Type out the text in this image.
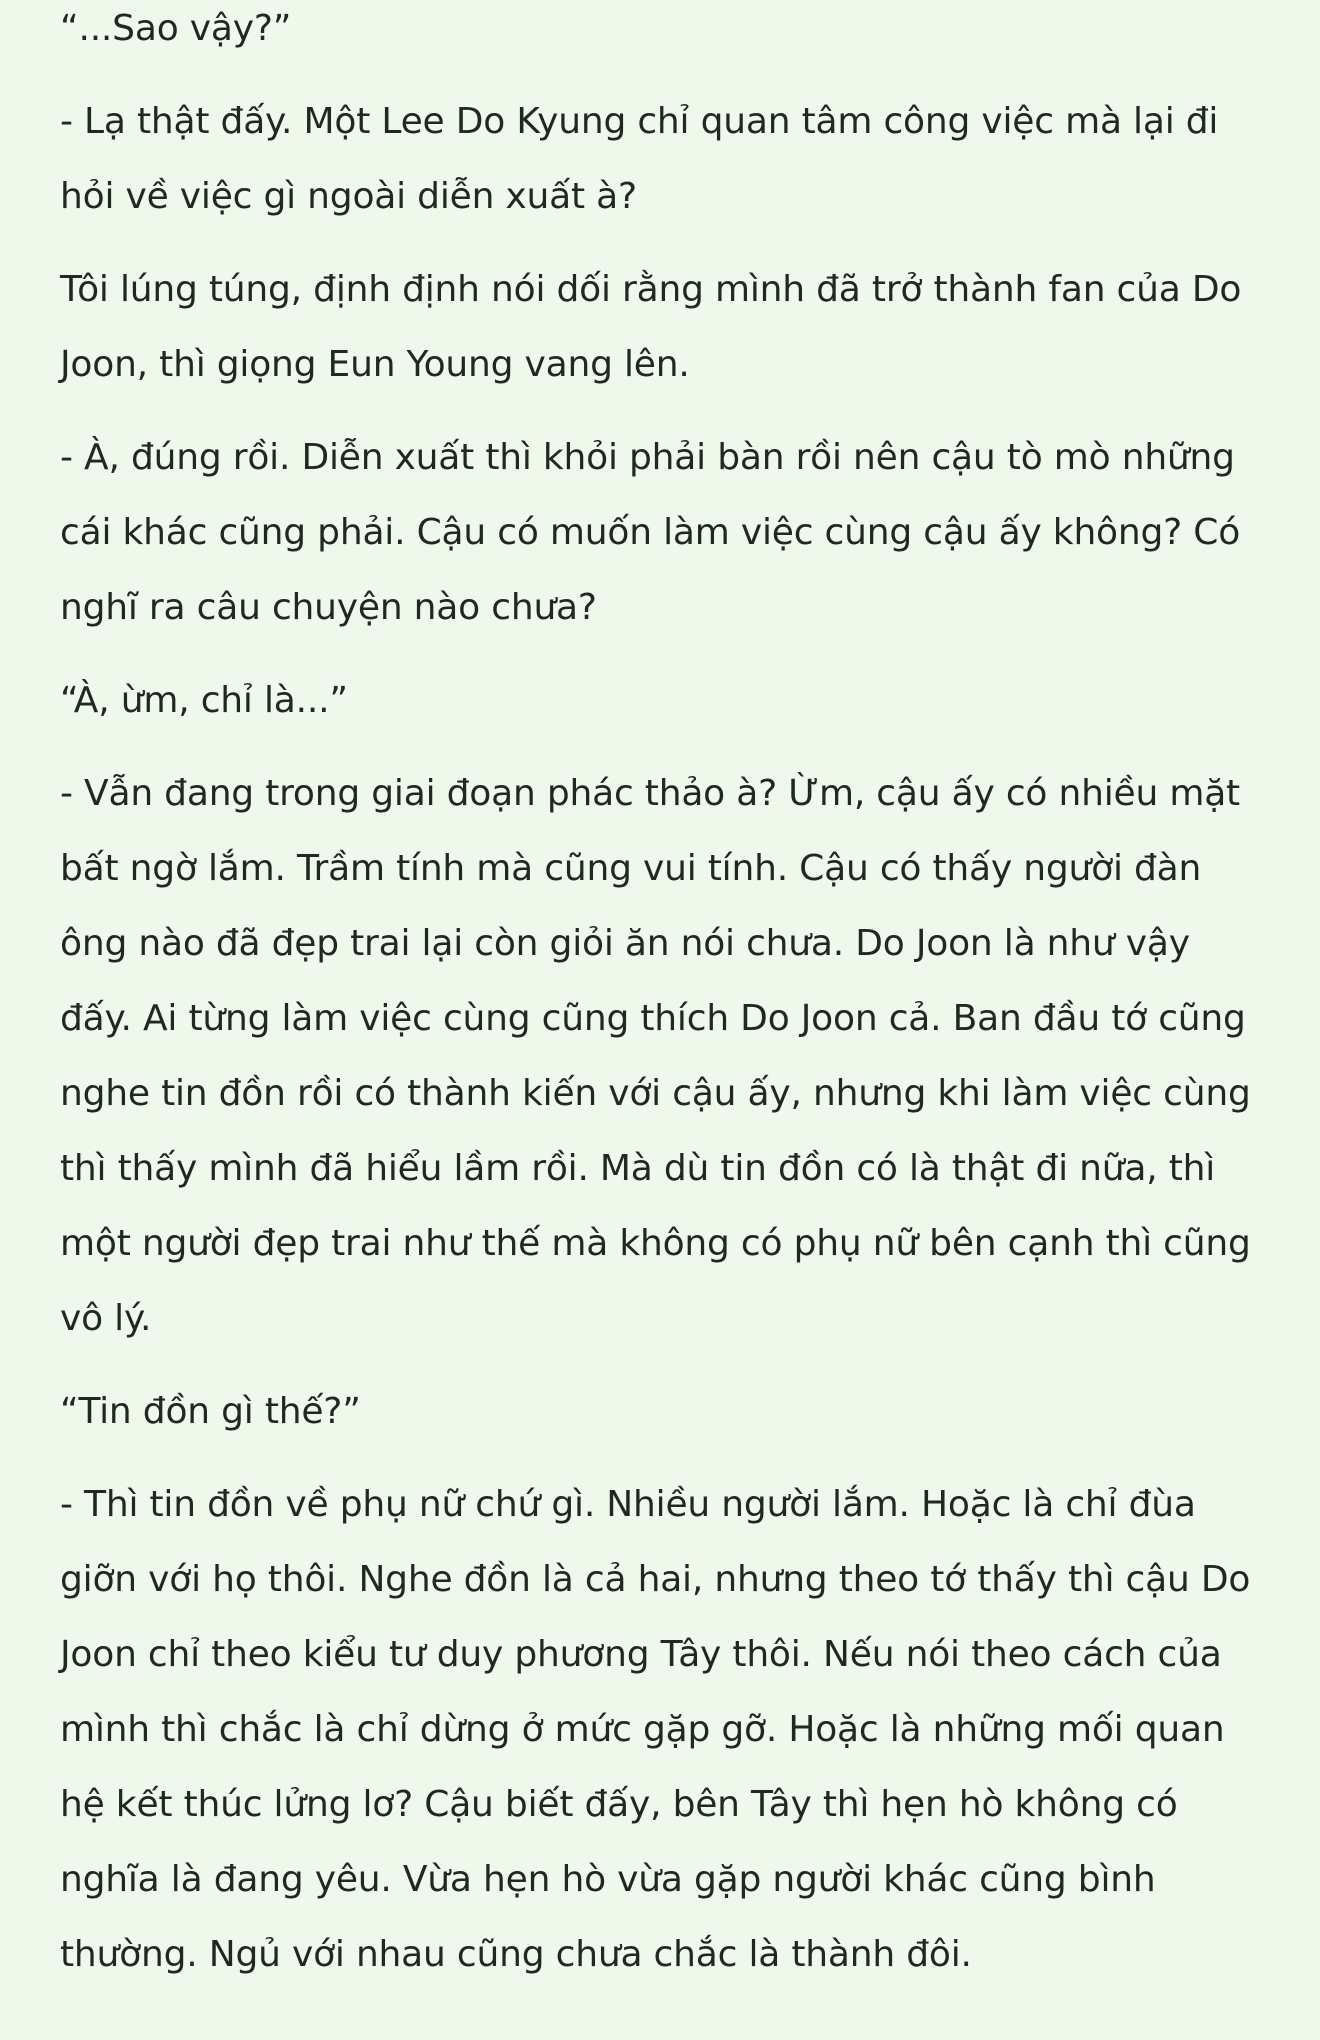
“...Sao vậy?”

- Lạ thật đấy. Một Lee Do Kyung chỉ quan tâm công việc mà lại đi hỏi về việc gì ngoài diễn xuất à?

Tôi lúng túng, định định nói dối rằng mình đã trở thành fan của Do Joon, thì giọng Eun Young vang lên.

- À, đúng rồi. Diễn xuất thì khỏi phải bàn rồi nên cậu tò mò những cái khác cũng phải. Cậu có muốn làm việc cùng cậu ấy không? Có nghĩ ra câu chuyện nào chưa?

“À, ừm, chỉ là...”

- Vẫn đang trong giai đoạn phác thảo à? Ừm, cậu ấy có nhiều mặt bất ngờ lắm. Trầm tính mà cũng vui tính. Cậu có thấy người đàn ông nào đã đẹp trai lại còn giỏi ăn nói chưa. Do Joon là như vậy đấy. Ai từng làm việc cùng cũng thích Do Joon cả. Ban đầu tớ cũng nghe tin đồn rồi có thành kiến với cậu ấy, nhưng khi làm việc cùng thì thấy mình đã hiểu lầm rồi. Mà dù tin đồn có là thật đi nữa, thì một người đẹp trai như thế mà không có phụ nữ bên cạnh thì cũng vô lý.

“Tin đồn gì thế?”

- Thì tin đồn về phụ nữ chứ gì. Nhiều người lắm. Hoặc là chỉ đùa giỡn với họ thôi. Nghe đồn là cả hai, nhưng theo tớ thấy thì cậu Do Joon chỉ theo kiểu tư duy phương Tây thôi. Nếu nói theo cách của mình thì chắc là chỉ dừng ở mức gặp gỡ. Hoặc là những mối quan hệ kết thúc lửng lơ? Cậu biết đấy, bên Tây thì hẹn hò không có nghĩa là đang yêu. Vừa hẹn hò vừa gặp người khác cũng bình thường. Ngủ với nhau cũng chưa chắc là thành đôi.
